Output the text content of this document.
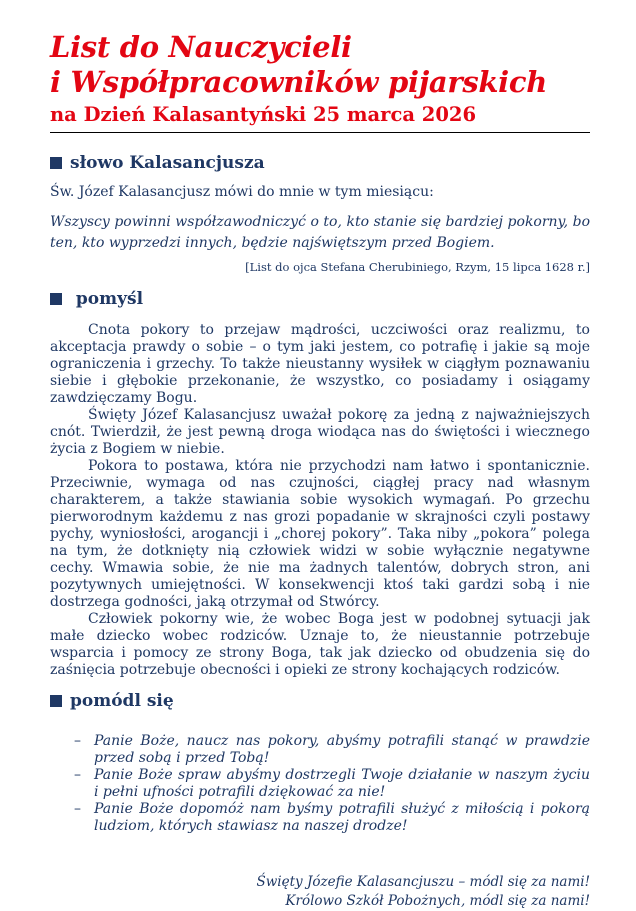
List do Nauczycieli
i Współpracowników pijarskich
na Dzień Kalasantyński 25 marca 2026
słowo Kalasancjusza

Św. Józef Kalasancjusz mówi do mnie w tym miesiącu:

Wszyscy powinni współzawodniczyć o to, kto stanie się bardziej pokorny, bo ten, kto wyprzedzi innych, będzie najświętszym przed Bogiem.

[List do ojca Stefana Cherubiniego, Rzym, 15 lipca 1628 r.]

pomyśl

Cnota pokory to przejaw mądrości, uczciwości oraz realizmu, to akceptacja prawdy o sobie – o tym jaki jestem, co potrafię i jakie są moje ograniczenia i grzechy. To także nieustanny wysiłek w ciągłym poznawaniu siebie i głębokie przekonanie, że wszystko, co posiadamy i osiągamy zawdzięczamy Bogu.

Święty Józef Kalasancjusz uważał pokorę za jedną z najważniejszych cnót. Twierdził, że jest pewną droga wiodąca nas do świętości i wiecznego życia z Bogiem w niebie.

Pokora to postawa, która nie przychodzi nam łatwo i spontanicznie. Przeciwnie, wymaga od nas czujności, ciągłej pracy nad własnym charakterem, a także stawiania sobie wysokich wymagań. Po grzechu pierworodnym każdemu z nas grozi popadanie w skrajności czyli postawy pychy, wyniosłości, arogancji i „chorej pokory”. Taka niby „pokora” polega na tym, że dotknięty nią człowiek widzi w sobie wyłącznie negatywne cechy. Wmawia sobie, że nie ma żadnych talentów, dobrych stron, ani pozytywnych umiejętności. W konsekwencji ktoś taki gardzi sobą i nie dostrzega godności, jaką otrzymał od Stwórcy.

Człowiek pokorny wie, że wobec Boga jest w podobnej sytuacji jak małe dziecko wobec rodziców. Uznaje to, że nieustannie potrzebuje wsparcia i pomocy ze strony Boga, tak jak dziecko od obudzenia się do zaśnięcia potrzebuje obecności i opieki ze strony kochających rodziców.

pomódl się
– Panie Boże, naucz nas pokory, abyśmy potrafili stanąć w prawdzie przed sobą i przed Tobą!
– Panie Boże spraw abyśmy dostrzegli Twoje działanie w naszym życiu i pełni ufności potrafili dziękować za nie!
– Panie Boże dopomóż nam byśmy potrafili służyć z miłością i pokorą ludziom, których stawiasz na naszej drodze!
Święty Józefie Kalasancjuszu – módl się za nami!
Królowo Szkół Pobożnych, módl się za nami!
